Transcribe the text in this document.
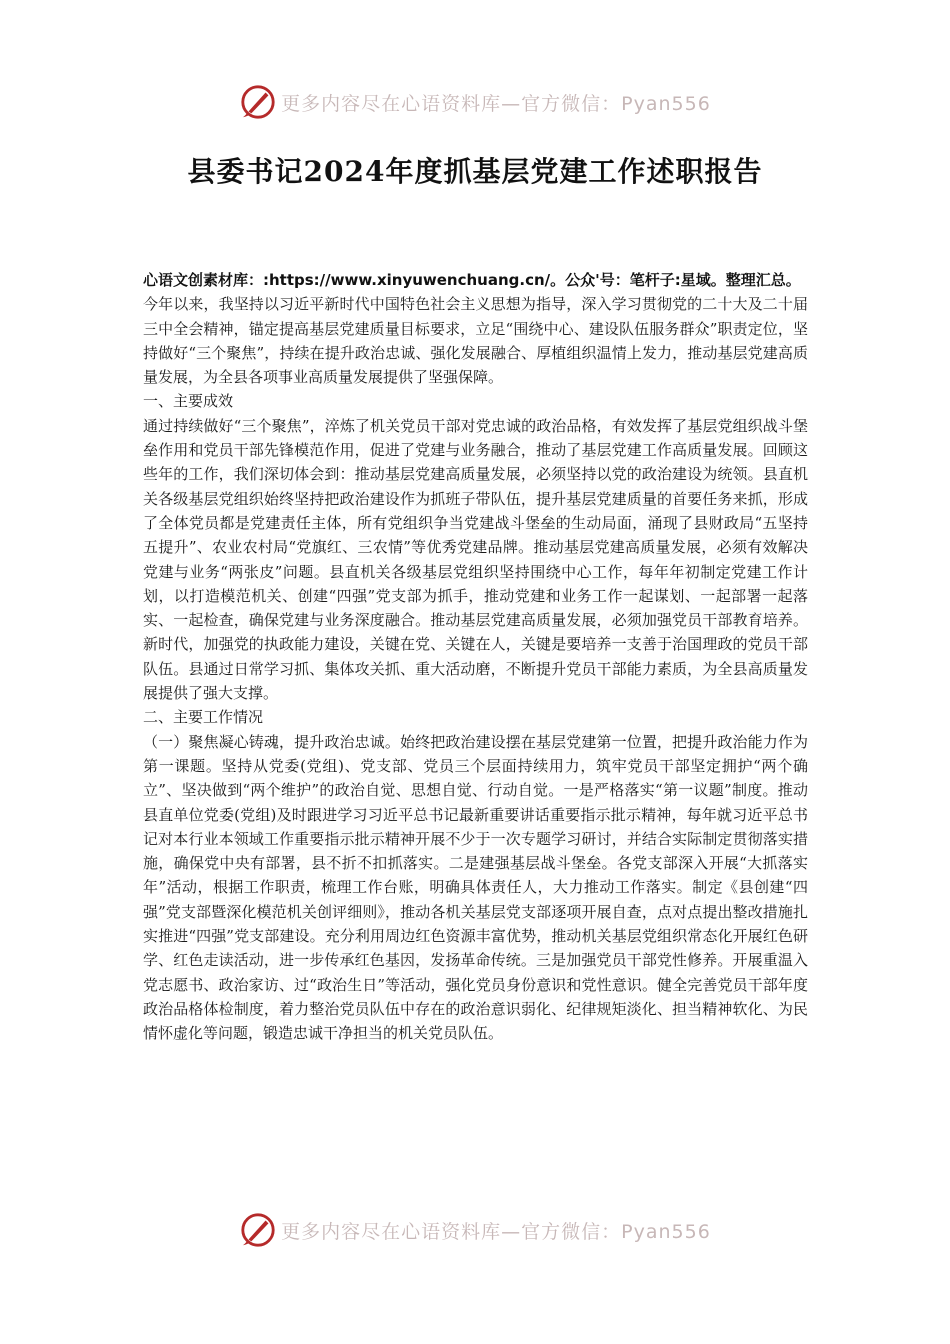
更多内容尽在心语资料库—官方微信：Pyan556
县委书记2024年度抓基层党建工作述职报告

心语文创素材库：:https://www.xinyuwenchuang.cn/。公众'号：笔杆子:星域。整理汇总。

今年以来，我坚持以习近平新时代中国特色社会主义思想为指导，深入学习贯彻党的二十大及二十届三中全会精神，锚定提高基层党建质量目标要求，立足“围绕中心、建设队伍服务群众”职责定位，坚持做好“三个聚焦”，持续在提升政治忠诚、强化发展融合、厚植组织温情上发力，推动基层党建高质量发展，为全县各项事业高质量发展提供了坚强保障。

一、主要成效

通过持续做好“三个聚焦”，淬炼了机关党员干部对党忠诚的政治品格，有效发挥了基层党组织战斗堡垒作用和党员干部先锋模范作用，促进了党建与业务融合，推动了基层党建工作高质量发展。回顾这些年的工作，我们深切体会到：推动基层党建高质量发展，必须坚持以党的政治建设为统领。县直机关各级基层党组织始终坚持把政治建设作为抓班子带队伍，提升基层党建质量的首要任务来抓，形成了全体党员都是党建责任主体，所有党组织争当党建战斗堡垒的生动局面，涌现了县财政局“五坚持五提升”、农业农村局“党旗红、三农情”等优秀党建品牌。推动基层党建高质量发展，必须有效解决党建与业务“两张皮”问题。县直机关各级基层党组织坚持围绕中心工作，每年年初制定党建工作计划，以打造模范机关、创建“四强”党支部为抓手，推动党建和业务工作一起谋划、一起部署一起落实、一起检查，确保党建与业务深度融合。推动基层党建高质量发展，必须加强党员干部教育培养。新时代，加强党的执政能力建设，关键在党、关键在人，关键是要培养一支善于治国理政的党员干部队伍。县通过日常学习抓、集体攻关抓、重大活动磨，不断提升党员干部能力素质，为全县高质量发展提供了强大支撑。

二、主要工作情况

（一）聚焦凝心铸魂，提升政治忠诚。始终把政治建设摆在基层党建第一位置，把提升政治能力作为第一课题。坚持从党委(党组)、党支部、党员三个层面持续用力，筑牢党员干部坚定拥护“两个确立”、坚决做到“两个维护”的政治自觉、思想自觉、行动自觉。一是严格落实“第一议题”制度。推动县直单位党委(党组)及时跟进学习习近平总书记最新重要讲话重要指示批示精神，每年就习近平总书记对本行业本领域工作重要指示批示精神开展不少于一次专题学习研讨，并结合实际制定贯彻落实措施，确保党中央有部署，县不折不扣抓落实。二是建强基层战斗堡垒。各党支部深入开展“大抓落实年”活动，根据工作职责，梳理工作台账，明确具体责任人，大力推动工作落实。制定《县创建“四强”党支部暨深化模范机关创评细则》，推动各机关基层党支部逐项开展自查，点对点提出整改措施扎实推进“四强”党支部建设。充分利用周边红色资源丰富优势，推动机关基层党组织常态化开展红色研学、红色走读活动，进一步传承红色基因，发扬革命传统。三是加强党员干部党性修养。开展重温入党志愿书、政治家访、过“政治生日”等活动，强化党员身份意识和党性意识。健全完善党员干部年度政治品格体检制度，着力整治党员队伍中存在的政治意识弱化、纪律规矩淡化、担当精神软化、为民情怀虚化等问题，锻造忠诚干净担当的机关党员队伍。

更多内容尽在心语资料库—官方微信：Pyan556
